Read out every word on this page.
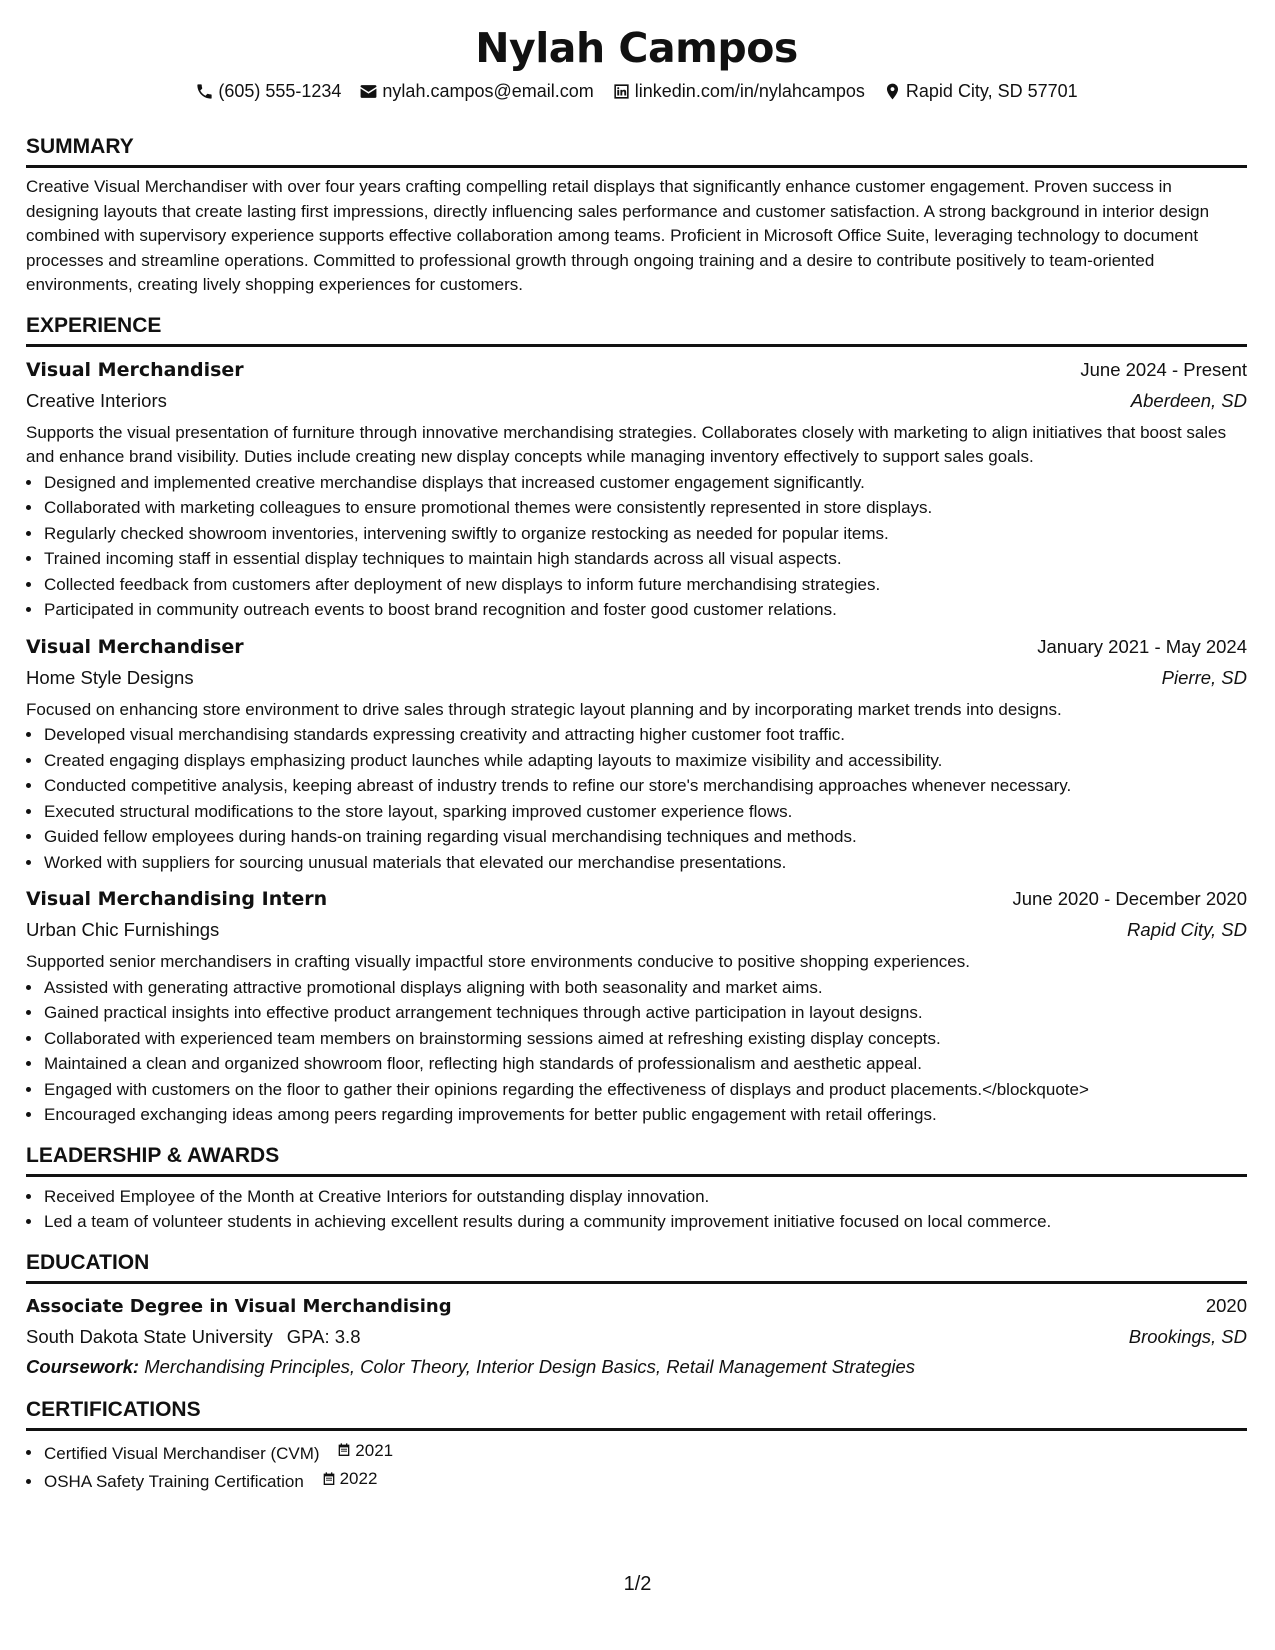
Nylah Campos
(605) 555-1234 nylah.campos@email.com linkedin.com/in/nylahcampos Rapid City, SD 57701
SUMMARY
Creative Visual Merchandiser with over four years crafting compelling retail displays that significantly enhance customer engagement. Proven success in designing layouts that create lasting first impressions, directly influencing sales performance and customer satisfaction. A strong background in interior design combined with supervisory experience supports effective collaboration among teams. Proficient in Microsoft Office Suite, leveraging technology to document processes and streamline operations. Committed to professional growth through ongoing training and a desire to contribute positively to team-oriented environments, creating lively shopping experiences for customers.
EXPERIENCE
Visual Merchandiser	June 2024 - Present
Creative Interiors	Aberdeen, SD
Supports the visual presentation of furniture through innovative merchandising strategies. Collaborates closely with marketing to align initiatives that boost sales and enhance brand visibility. Duties include creating new display concepts while managing inventory effectively to support sales goals.
• Designed and implemented creative merchandise displays that increased customer engagement significantly.
• Collaborated with marketing colleagues to ensure promotional themes were consistently represented in store displays.
• Regularly checked showroom inventories, intervening swiftly to organize restocking as needed for popular items.
• Trained incoming staff in essential display techniques to maintain high standards across all visual aspects.
• Collected feedback from customers after deployment of new displays to inform future merchandising strategies.
• Participated in community outreach events to boost brand recognition and foster good customer relations.
Visual Merchandiser	January 2021 - May 2024
Home Style Designs	Pierre, SD
Focused on enhancing store environment to drive sales through strategic layout planning and by incorporating market trends into designs.
• Developed visual merchandising standards expressing creativity and attracting higher customer foot traffic.
• Created engaging displays emphasizing product launches while adapting layouts to maximize visibility and accessibility.
• Conducted competitive analysis, keeping abreast of industry trends to refine our store's merchandising approaches whenever necessary.
• Executed structural modifications to the store layout, sparking improved customer experience flows.
• Guided fellow employees during hands-on training regarding visual merchandising techniques and methods.
• Worked with suppliers for sourcing unusual materials that elevated our merchandise presentations.
Visual Merchandising Intern	June 2020 - December 2020
Urban Chic Furnishings	Rapid City, SD
Supported senior merchandisers in crafting visually impactful store environments conducive to positive shopping experiences.
• Assisted with generating attractive promotional displays aligning with both seasonality and market aims.
• Gained practical insights into effective product arrangement techniques through active participation in layout designs.
• Collaborated with experienced team members on brainstorming sessions aimed at refreshing existing display concepts.
• Maintained a clean and organized showroom floor, reflecting high standards of professionalism and aesthetic appeal.
• Engaged with customers on the floor to gather their opinions regarding the effectiveness of displays and product placements.</blockquote>
• Encouraged exchanging ideas among peers regarding improvements for better public engagement with retail offerings.
LEADERSHIP & AWARDS
• Received Employee of the Month at Creative Interiors for outstanding display innovation.
• Led a team of volunteer students in achieving excellent results during a community improvement initiative focused on local commerce.
EDUCATION
Associate Degree in Visual Merchandising	2020
South Dakota State University GPA: 3.8	Brookings, SD
Coursework: Merchandising Principles, Color Theory, Interior Design Basics, Retail Management Strategies
CERTIFICATIONS
• Certified Visual Merchandiser (CVM) 2021
• OSHA Safety Training Certification 2022
1/2
